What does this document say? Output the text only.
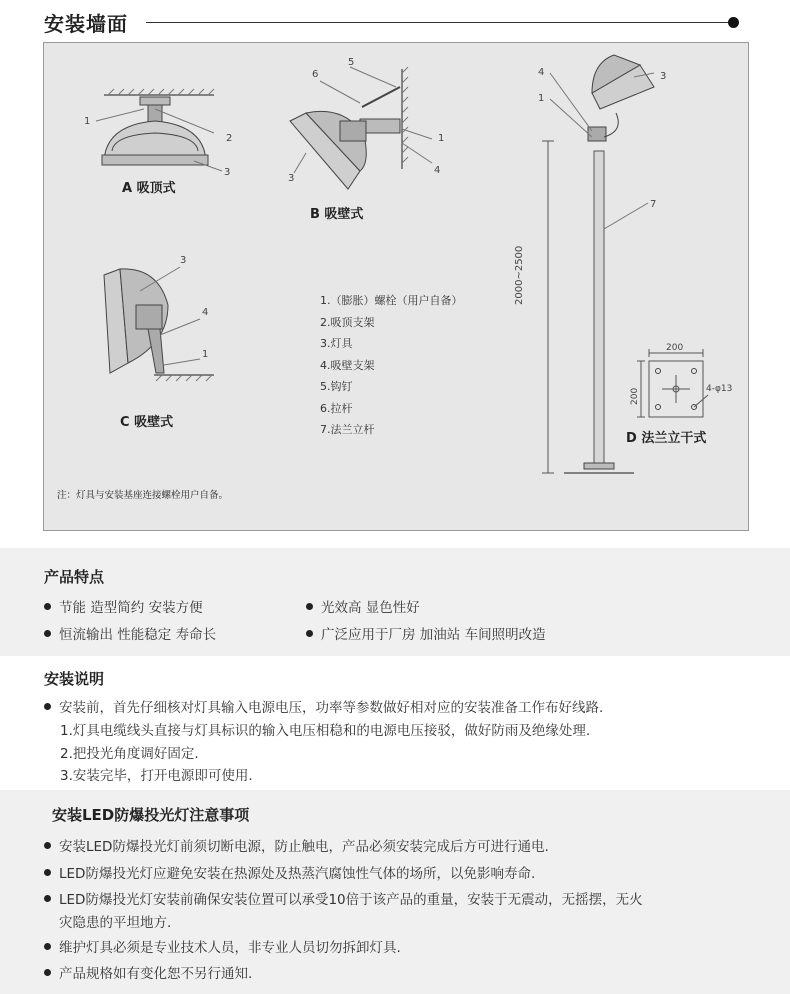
安装墙面
1
2
3
5
6
1
4
3
3
4
1
4
1
3
7
2000~2500
200
200	4-φ13
A 吸顶式
B 吸壁式
C 吸壁式
D 法兰立干式
1.（膨胀）螺栓（用户自备）
2.吸顶支架
3.灯具
4.吸壁支架
5.钩钉
6.拉杆
7.法兰立杆
注：灯具与安装基座连接螺栓用户自备。
产品特点
节能 造型简约 安装方便	光效高 显色性好
恒流输出 性能稳定 寿命长	广泛应用于厂房 加油站 车间照明改造
安装说明
安装前，首先仔细核对灯具输入电源电压，功率等参数做好相对应的安装准备工作布好线路.
1.灯具电缆线头直接与灯具标识的输入电压相稳和的电源电压接驳，做好防雨及绝缘处理.
2.把投光角度调好固定.
3.安装完毕，打开电源即可使用.
安装LED防爆投光灯注意事项
安装LED防爆投光灯前须切断电源，防止触电，产品必须安装完成后方可进行通电.
LED防爆投光灯应避免安装在热源处及热蒸汽腐蚀性气体的场所，以免影响寿命.
LED防爆投光灯安装前确保安装位置可以承受10倍于该产品的重量，安装于无震动，无摇摆，无火
灾隐患的平坦地方.
维护灯具必须是专业技术人员，非专业人员切勿拆卸灯具.
产品规格如有变化恕不另行通知.
